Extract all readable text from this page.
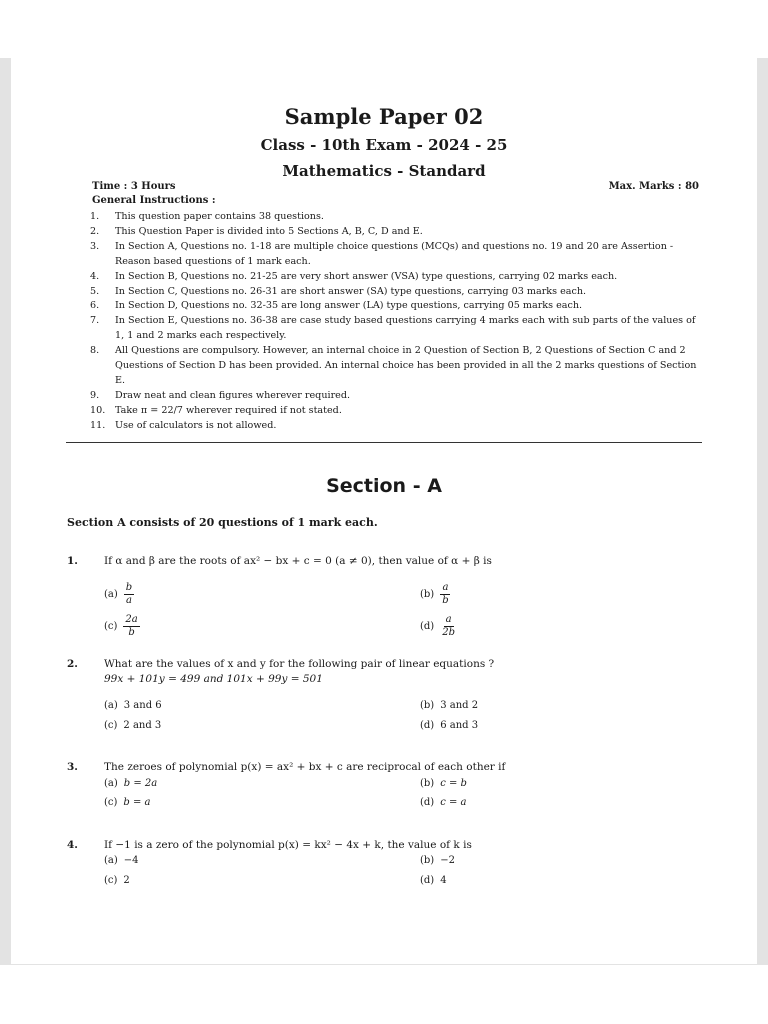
Sample Paper 02
Class - 10th Exam - 2024 - 25
Mathematics - Standard
Time : 3 Hours	Max. Marks : 80
General Instructions :
1.	This question paper contains 38 questions.
2.	This Question Paper is divided into 5 Sections A, B, C, D and E.
3.	In Section A, Questions no. 1-18 are multiple choice questions (MCQs) and questions no. 19 and 20 are Assertion - Reason based questions of 1 mark each.
4.	In Section B, Questions no. 21-25 are very short answer (VSA) type questions, carrying 02 marks each.
5.	In Section C, Questions no. 26-31 are short answer (SA) type questions, carrying 03 marks each.
6.	In Section D, Questions no. 32-35 are long answer (LA) type questions, carrying 05 marks each.
7.	In Section E, Questions no. 36-38 are case study based questions carrying 4 marks each with sub parts of the values of 1, 1 and 2 marks each respectively.
8.	All Questions are compulsory. However, an internal choice in 2 Question of Section B, 2 Questions of Section C and 2 Questions of Section D has been provided. An internal choice has been provided in all the 2 marks questions of Section E.
9.	Draw neat and clean figures wherever required.
10.	Take π = 22/7 wherever required if not stated.
11.	Use of calculators is not allowed.
Section - A
Section A consists of 20 questions of 1 mark each.
1. If α and β are the roots of ax² − bx + c = 0 (a ≠ 0), then value of α + β is
$(a) \frac{b}{a}$	$(b) \frac{a}{b}$
$(c) \frac{2a}{b}$	$(d) \frac{a}{2b}$
2. What are the values of x and y for the following pair of linear equations ?
99x + 101y = 499 and 101x + 99y = 501
(a) 3 and 6	(b) 3 and 2
(c) 2 and 3	(d) 6 and 3
3. The zeroes of polynomial p(x) = ax² + bx + c are reciprocal of each other if
(a) b = 2a	(b) c = b
(c) b = a	(d) c = a
4. If −1 is a zero of the polynomial p(x) = kx² − 4x + k, the value of k is
(a) −4	(b) −2
(c) 2	(d) 4
